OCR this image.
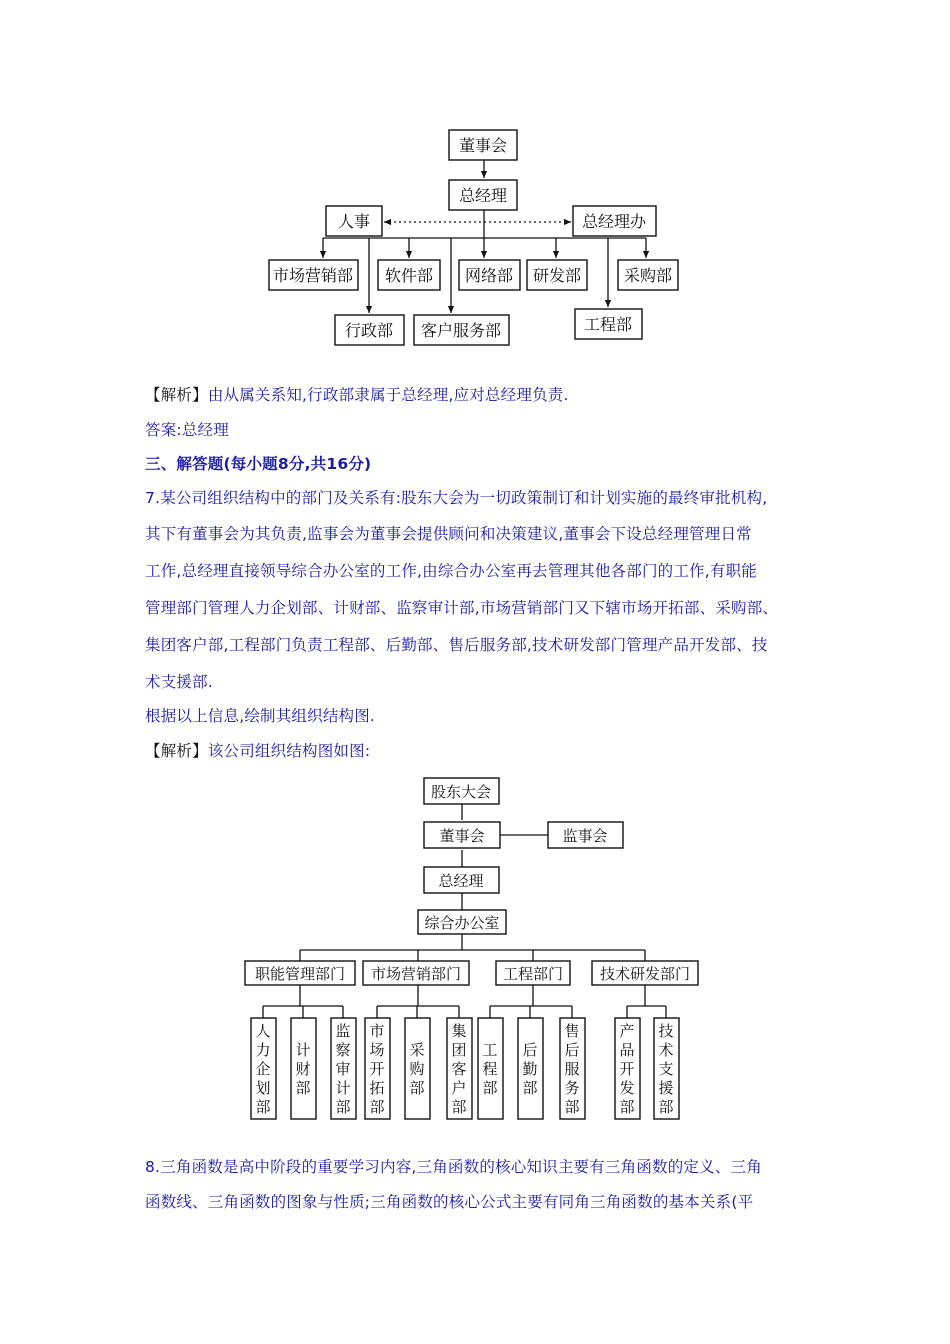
董事会
总经理
人事	总经理办
市场营销部 软件部 网络部 研发部	采购部
行政部 客户服务部	工程部
【解析】由从属关系知,行政部隶属于总经理,应对总经理负责.
答案:总经理
三、解答题(每小题8分,共16分)
7.某公司组织结构中的部门及关系有:股东大会为一切政策制订和计划实施的最终审批机构,
其下有董事会为其负责,监事会为董事会提供顾问和决策建议,董事会下设总经理管理日常
工作,总经理直接领导综合办公室的工作,由综合办公室再去管理其他各部门的工作,有职能
管理部门管理人力企划部、计财部、监察审计部,市场营销部门又下辖市场开拓部、采购部、
集团客户部,工程部门负责工程部、后勤部、售后服务部,技术研发部门管理产品开发部、技
术支援部.
根据以上信息,绘制其组织结构图.
【解析】该公司组织结构图如图:
股东大会
董事会	监事会
总经理
综合办公室
职能管理部门 市场营销部门	工程部门 技术研发部门
人力企划部
计财部
监察审计部
市场开拓部
采购部
集团客户部
工程部
后勤部
售后服务部
产品开发部
技术支援部
8.三角函数是高中阶段的重要学习内容,三角函数的核心知识主要有三角函数的定义、三角
函数线、三角函数的图象与性质;三角函数的核心公式主要有同角三角函数的基本关系(平
